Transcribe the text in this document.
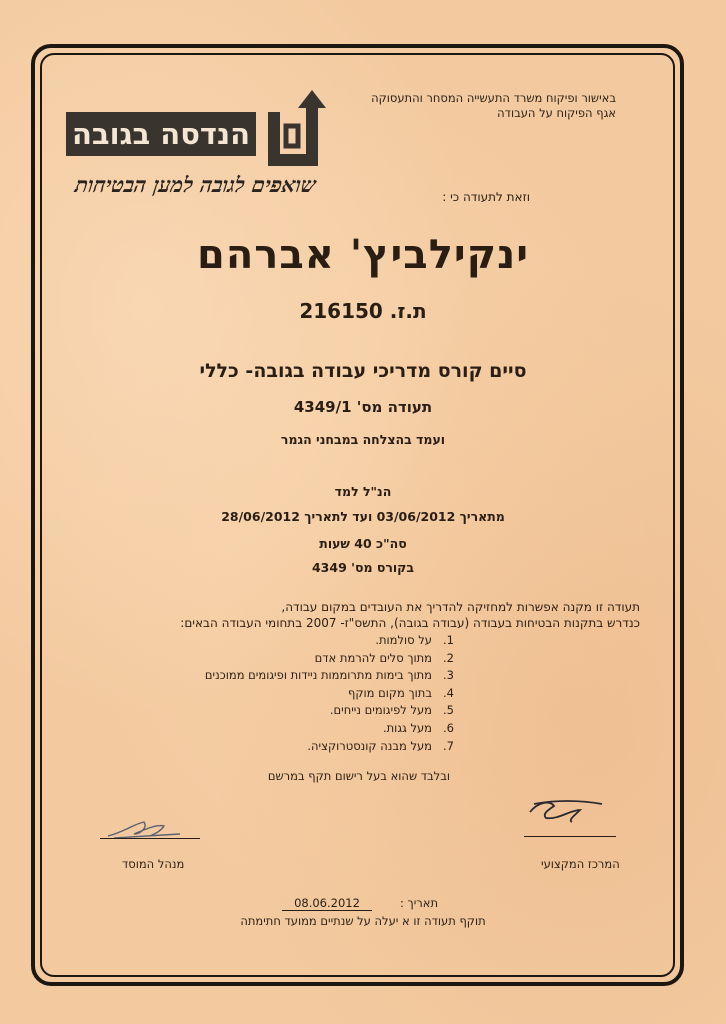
באישור ופיקוח משרד התעשייה המסחר והתעסוקה
אגף הפיקוח על העבודה
הנדסה בגובה
שואפים לגובה למען הבטיחות	וזאת לתעודה כי :
ינקילביץ' אברהם
ת.ז. 216150
סיים קורס מדריכי עבודה בגובה- כללי
תעודה מס' 4349/1
ועמד בהצלחה במבחני הגמר
הנ"ל למד
מתאריך 03/06/2012 ועד לתאריך 28/06/2012
סה"כ 40 שעות
בקורס מס' 4349
תעודה זו מקנה אפשרות למחזיקה להדריך את העובדים במקום עבודה,
כנדרש בתקנות הבטיחות בעבודה (עבודה בגובה), התשס"ז- 2007 בתחומי העבודה הבאים:
1.
על סולמות.
2.
מתוך סלים להרמת אדם
3.
מתוך בימות מתרוממות ניידות ופיגומים ממוכנים
4.
בתוך מקום מוקף
5.
מעל לפיגומים נייחים.
6.
מעל גגות.
7.
מעל מבנה קונסטרוקציה.
ובלבד שהוא בעל רישום תקף במרשם
מנהל המוסד	המרכז המקצועי
תאריך :
08.06.2012
תוקף תעודה זו א יעלה על שנתיים ממועד חתימתה
